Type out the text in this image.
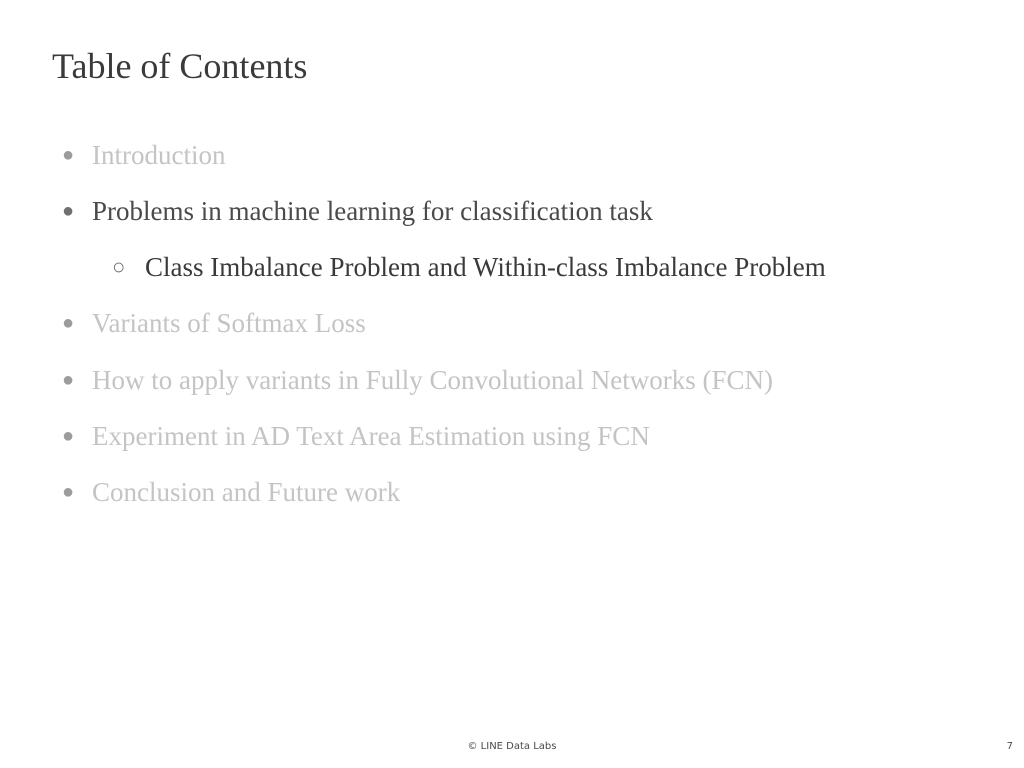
Table of Contents
● Introduction
● Problems in machine learning for classification task
○ Class Imbalance Problem and Within-class Imbalance Problem
● Variants of Softmax Loss
● How to apply variants in Fully Convolutional Networks (FCN)
● Experiment in AD Text Area Estimation using FCN
● Conclusion and Future work
© LINE Data Labs	7
